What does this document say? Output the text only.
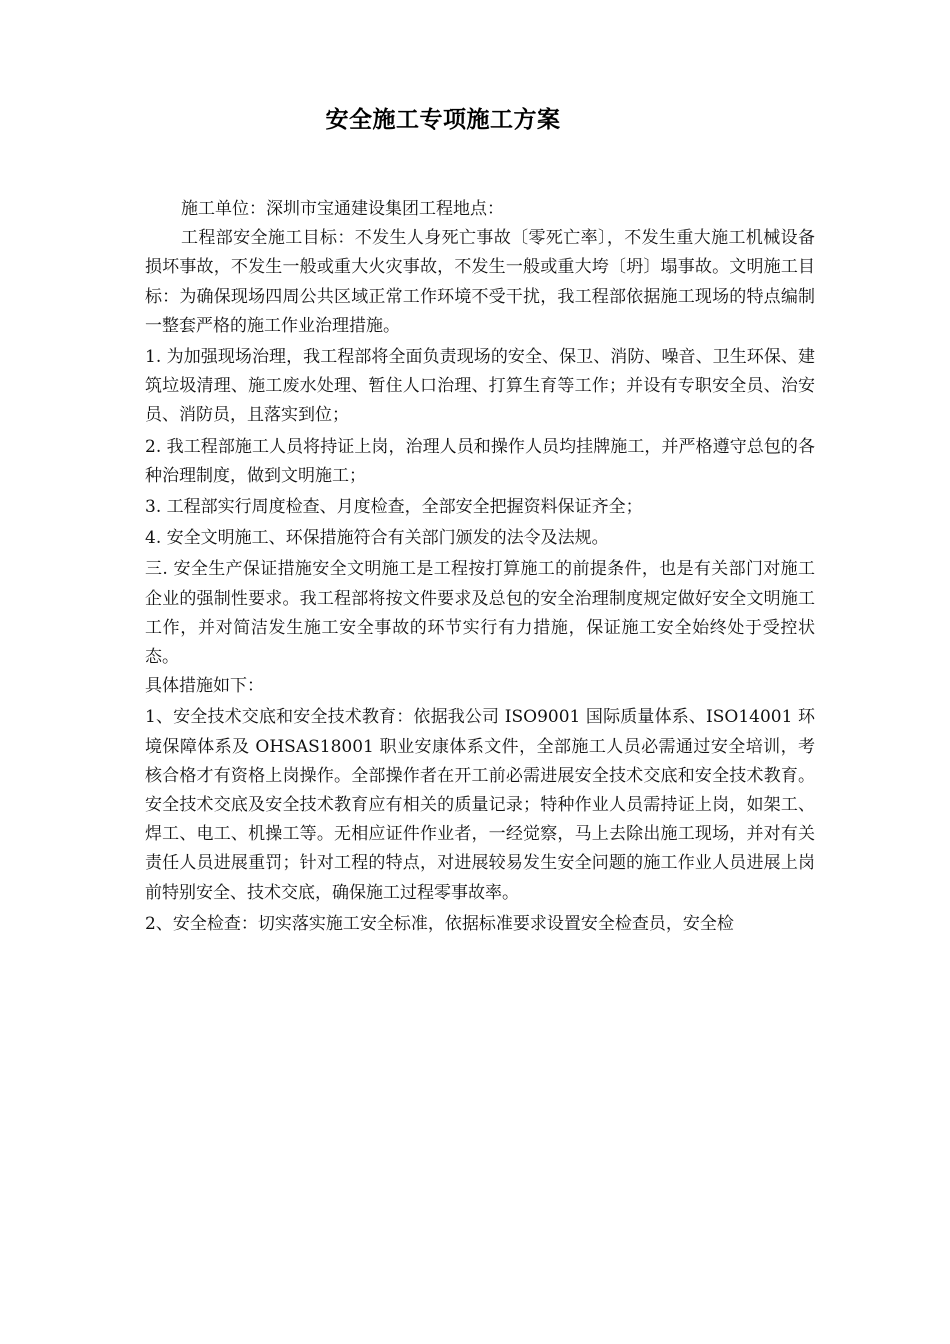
安全施工专项施工方案

施工单位：深圳市宝通建设集团工程地点：

工程部安全施工目标：不发生人身死亡事故〔零死亡率〕，不发生重大施工机械设备损坏事故，不发生一般或重大火灾事故，不发生一般或重大垮〔坍〕塌事故。文明施工目标：为确保现场四周公共区域正常工作环境不受干扰，我工程部依据施工现场的特点编制一整套严格的施工作业治理措施。

1. 为加强现场治理，我工程部将全面负责现场的安全、保卫、消防、噪音、卫生环保、建筑垃圾清理、施工废水处理、暂住人口治理、打算生育等工作；并设有专职安全员、治安员、消防员，且落实到位；

2. 我工程部施工人员将持证上岗，治理人员和操作人员均挂牌施工，并严格遵守总包的各种治理制度，做到文明施工；

3. 工程部实行周度检查、月度检查，全部安全把握资料保证齐全；

4. 安全文明施工、环保措施符合有关部门颁发的法令及法规。

三. 安全生产保证措施安全文明施工是工程按打算施工的前提条件，也是有关部门对施工企业的强制性要求。我工程部将按文件要求及总包的安全治理制度规定做好安全文明施工工作，并对简洁发生施工安全事故的环节实行有力措施，保证施工安全始终处于受控状态。

具体措施如下：

1、安全技术交底和安全技术教育：依据我公司 ISO9001 国际质量体系、ISO14001 环境保障体系及 OHSAS18001 职业安康体系文件，全部施工人员必需通过安全培训，考核合格才有资格上岗操作。全部操作者在开工前必需进展安全技术交底和安全技术教育。安全技术交底及安全技术教育应有相关的质量记录；特种作业人员需持证上岗，如架工、焊工、电工、机操工等。无相应证件作业者，一经觉察，马上去除出施工现场，并对有关责任人员进展重罚；针对工程的特点，对进展较易发生安全问题的施工作业人员进展上岗前特别安全、技术交底，确保施工过程零事故率。

2、安全检查：切实落实施工安全标准，依据标准要求设置安全检查员，安全检
